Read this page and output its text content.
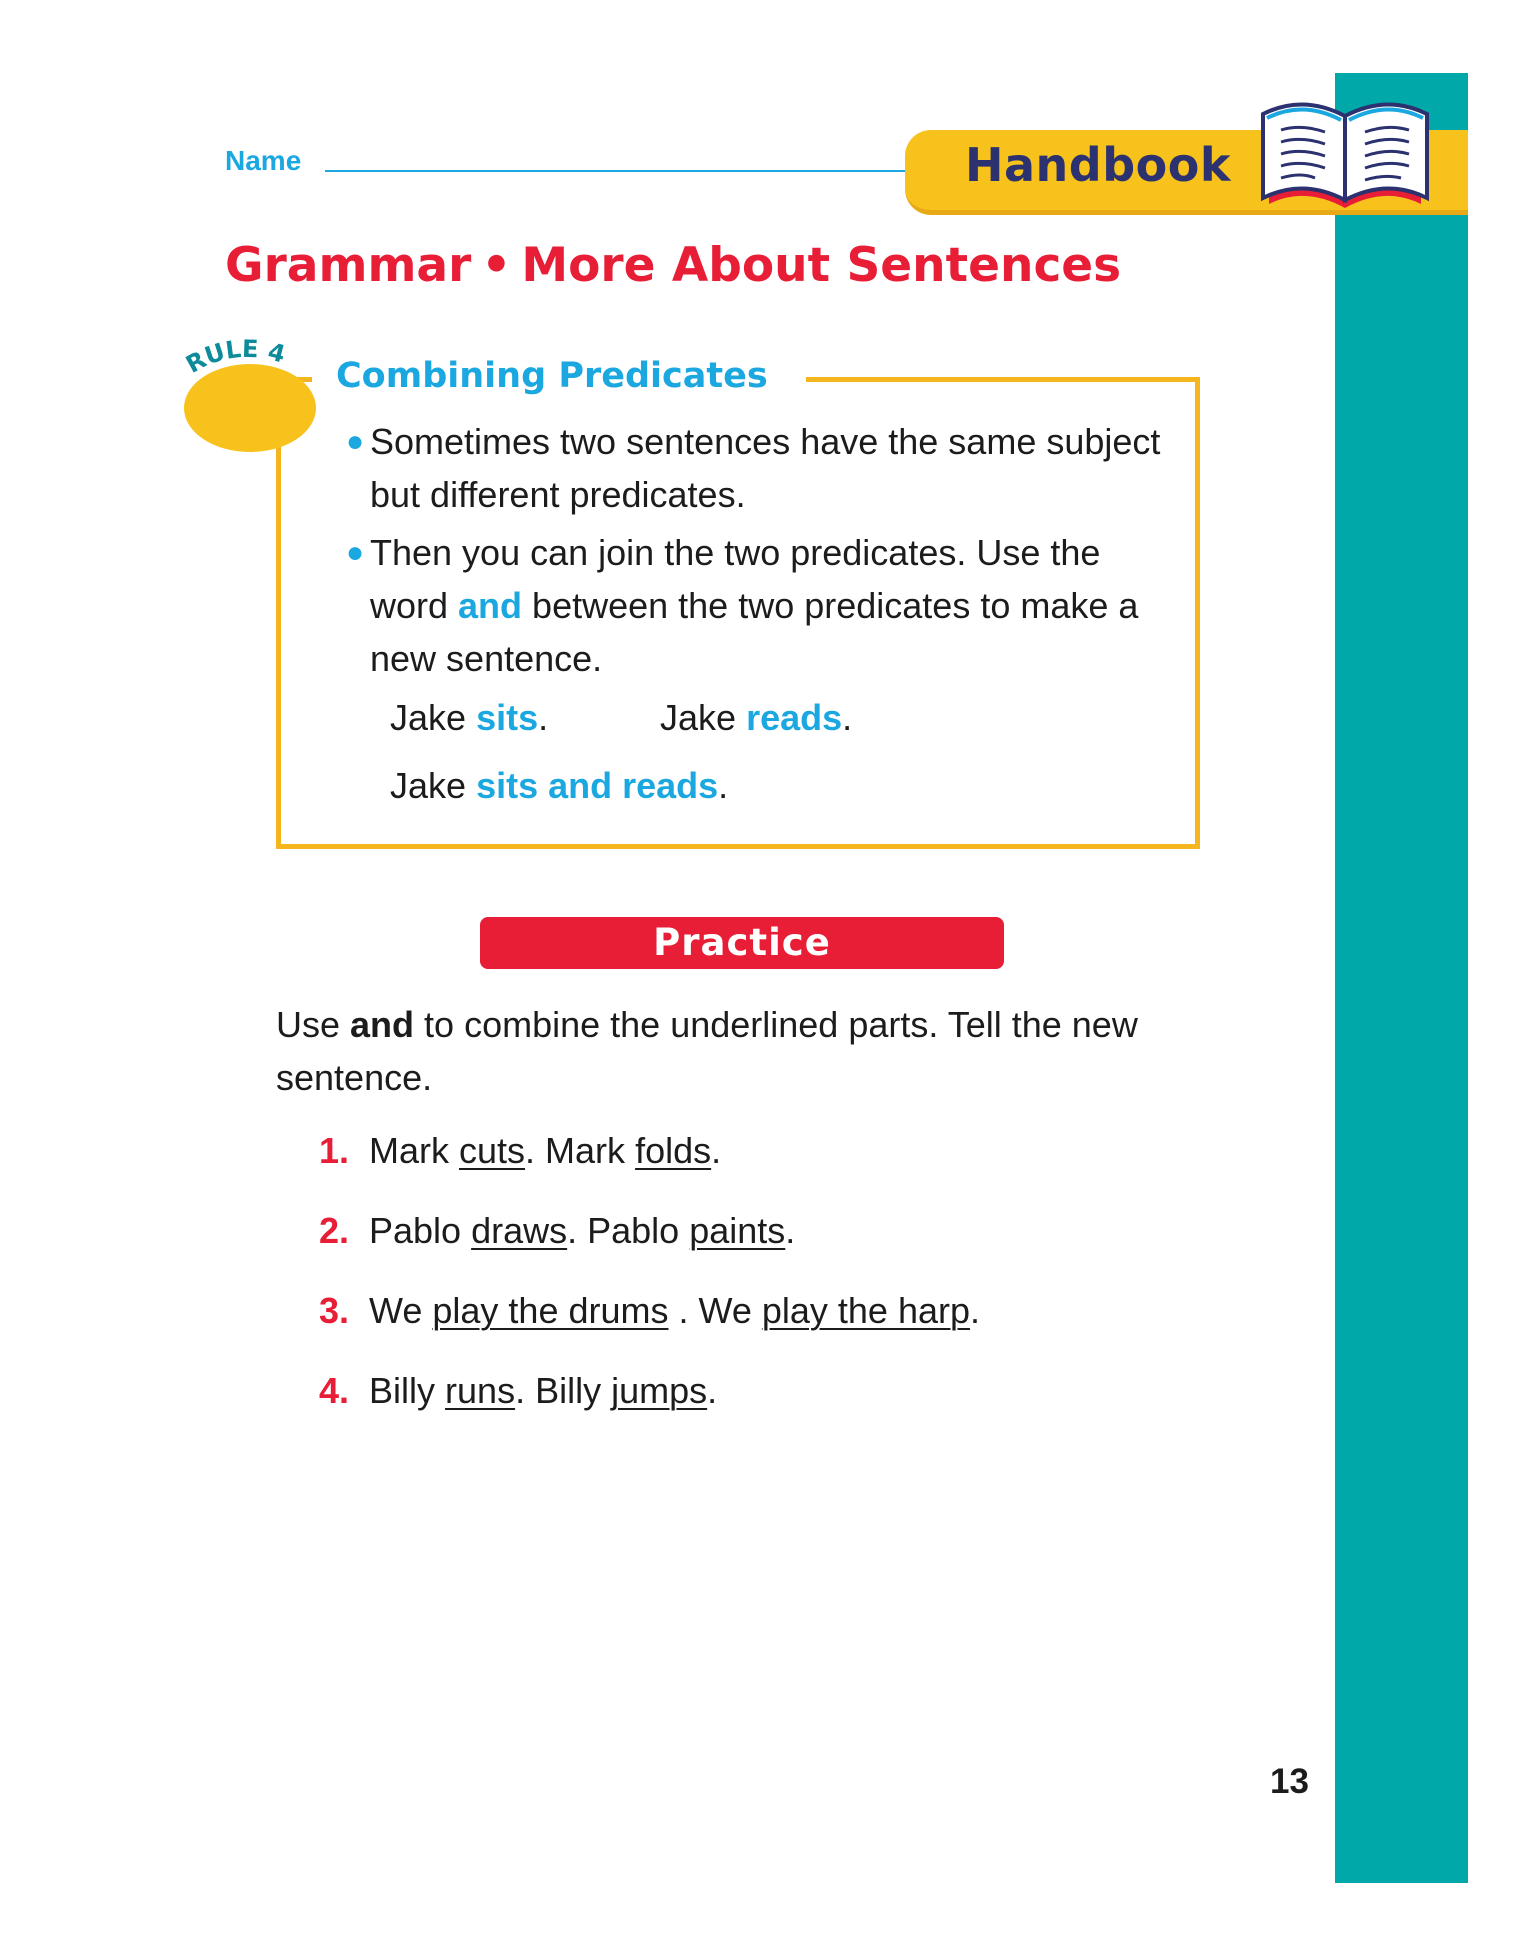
Name	Handbook
Grammar • More About Sentences
RULE 4
Combining Predicates
● Sometimes two sentences have the same subject but different predicates.
● Then you can join the two predicates. Use the word and between the two predicates to make a new sentence.
Jake sits.	Jake reads.
Jake sits and reads.
Practice
Use and to combine the underlined parts. Tell the new sentence.
1. Mark cuts. Mark folds.
2. Pablo draws. Pablo paints.
3. We play the drums . We play the harp.
4. Billy runs. Billy jumps.
13
